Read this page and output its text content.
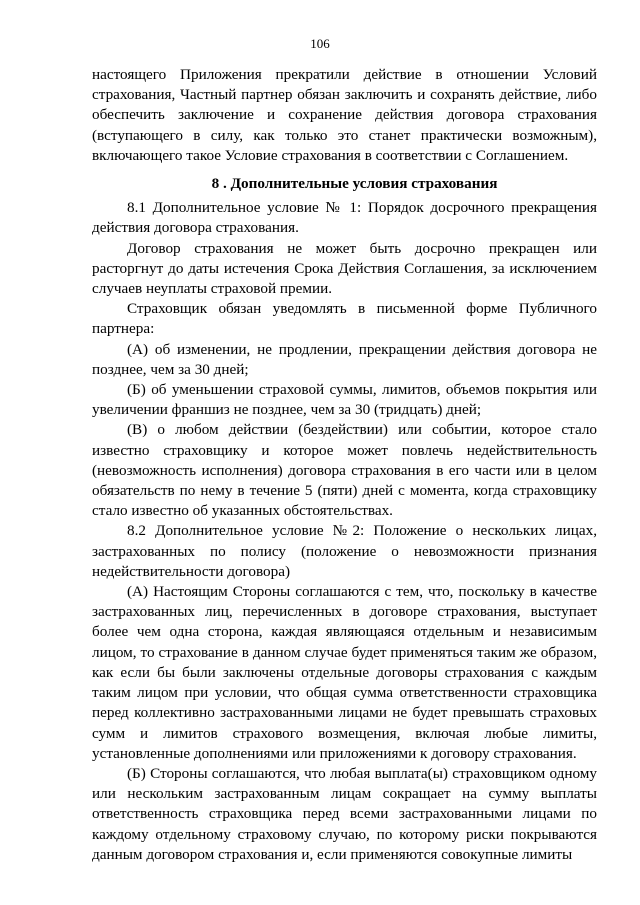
106

настоящего Приложения прекратили действие в отношении Условий страхования, Частный партнер обязан заключить и сохранять действие, либо обеспечить заключение и сохранение действия договора страхования (вступающего в силу, как только это станет практически возможным), включающего такое Условие страхования в соответствии с Соглашением.

8 . Дополнительные условия страхования

8.1 Дополнительное условие № 1: Порядок досрочного прекращения действия договора страхования.

Договор страхования не может быть досрочно прекращен или расторгнут до даты истечения Срока Действия Соглашения, за исключением случаев неуплаты страховой премии.

Страховщик обязан уведомлять в письменной форме Публичного партнера:

(А) об изменении, не продлении, прекращении действия договора не позднее, чем за 30 дней;

(Б) об уменьшении страховой суммы, лимитов, объемов покрытия или увеличении франшиз не позднее, чем за 30 (тридцать) дней;

(В) о любом действии (бездействии) или событии, которое стало известно страховщику и которое может повлечь недействительность (невозможность исполнения) договора страхования в его части или в целом обязательств по нему в течение 5 (пяти) дней с момента, когда страховщику стало известно об указанных обстоятельствах.

8.2 Дополнительное условие №2: Положение о нескольких лицах, застрахованных по полису (положение о невозможности признания недействительности договора)

(А) Настоящим Стороны соглашаются с тем, что, поскольку в качестве застрахованных лиц, перечисленных в договоре страхования, выступает более чем одна сторона, каждая являющаяся отдельным и независимым лицом, то страхование в данном случае будет применяться таким же образом, как если бы были заключены отдельные договоры страхования с каждым таким лицом при условии, что общая сумма ответственности страховщика перед коллективно застрахованными лицами не будет превышать страховых сумм и лимитов страхового возмещения, включая любые лимиты, установленные дополнениями или приложениями к договору страхования.

(Б) Стороны соглашаются, что любая выплата(ы) страховщиком одному или нескольким застрахованным лицам сокращает на сумму выплаты ответственность страховщика перед всеми застрахованными лицами по каждому отдельному страховому случаю, по которому риски покрываются данным договором страхования и, если применяются совокупные лимиты
